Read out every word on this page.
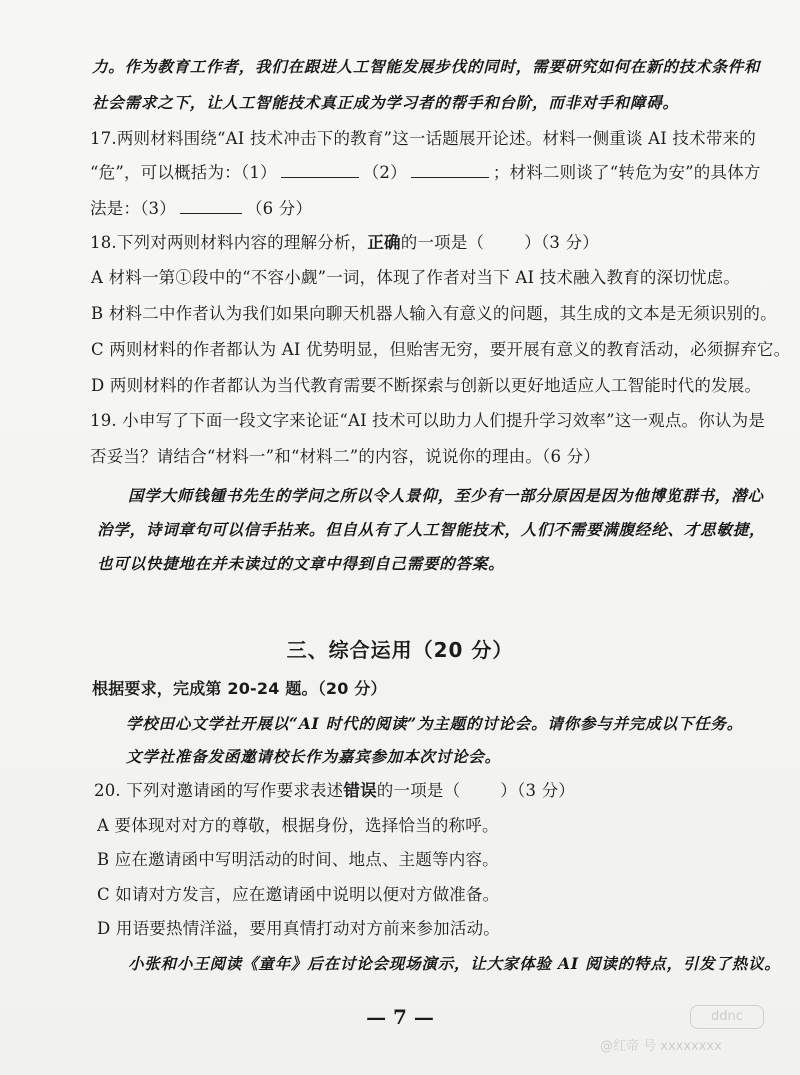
力。作为教育工作者，我们在跟进人工智能发展步伐的同时，需要研究如何在新的技术条件和
社会需求之下，让人工智能技术真正成为学习者的帮手和台阶，而非对手和障碍。
17.两则材料围绕“AI 技术冲击下的教育”这一话题展开论述。材料一侧重谈 AI 技术带来的
“危”，可以概括为：（1）	（2）	；材料二则谈了“转危为安”的具体方
法是：（3）	（6 分）
18.下列对两则材料内容的理解分析，正确的一项是（ ）（3 分）
A 材料一第①段中的“不容小觑”一词，体现了作者对当下 AI 技术融入教育的深切忧虑。
B 材料二中作者认为我们如果向聊天机器人输入有意义的问题，其生成的文本是无须识别的。
C 两则材料的作者都认为 AI 优势明显，但贻害无穷，要开展有意义的教育活动，必须摒弃它。
D 两则材料的作者都认为当代教育需要不断探索与创新以更好地适应人工智能时代的发展。
19. 小申写了下面一段文字来论证“AI 技术可以助力人们提升学习效率”这一观点。你认为是
否妥当？请结合“材料一”和“材料二”的内容，说说你的理由。（6 分）
国学大师钱锺书先生的学问之所以令人景仰，至少有一部分原因是因为他博览群书，潜心
治学，诗词章句可以信手拈来。但自从有了人工智能技术，人们不需要满腹经纶、才思敏捷，
也可以快捷地在并未读过的文章中得到自己需要的答案。
三、综合运用（20 分）
根据要求，完成第 20-24 题。（20 分）
学校田心文学社开展以“AI 时代的阅读”为主题的讨论会。请你参与并完成以下任务。
文学社准备发函邀请校长作为嘉宾参加本次讨论会。
20. 下列对邀请函的写作要求表述错误的一项是（ ）（3 分）
A 要体现对对方的尊敬，根据身份，选择恰当的称呼。
B 应在邀请函中写明活动的时间、地点、主题等内容。
C 如请对方发言，应在邀请函中说明以便对方做准备。
D 用语要热情洋溢，要用真情打动对方前来参加活动。
小张和小王阅读《童年》后在讨论会现场演示，让大家体验 AI 阅读的特点，引发了热议。
— 7 —	ddnc
@红帝 号 xxxxxxxx
